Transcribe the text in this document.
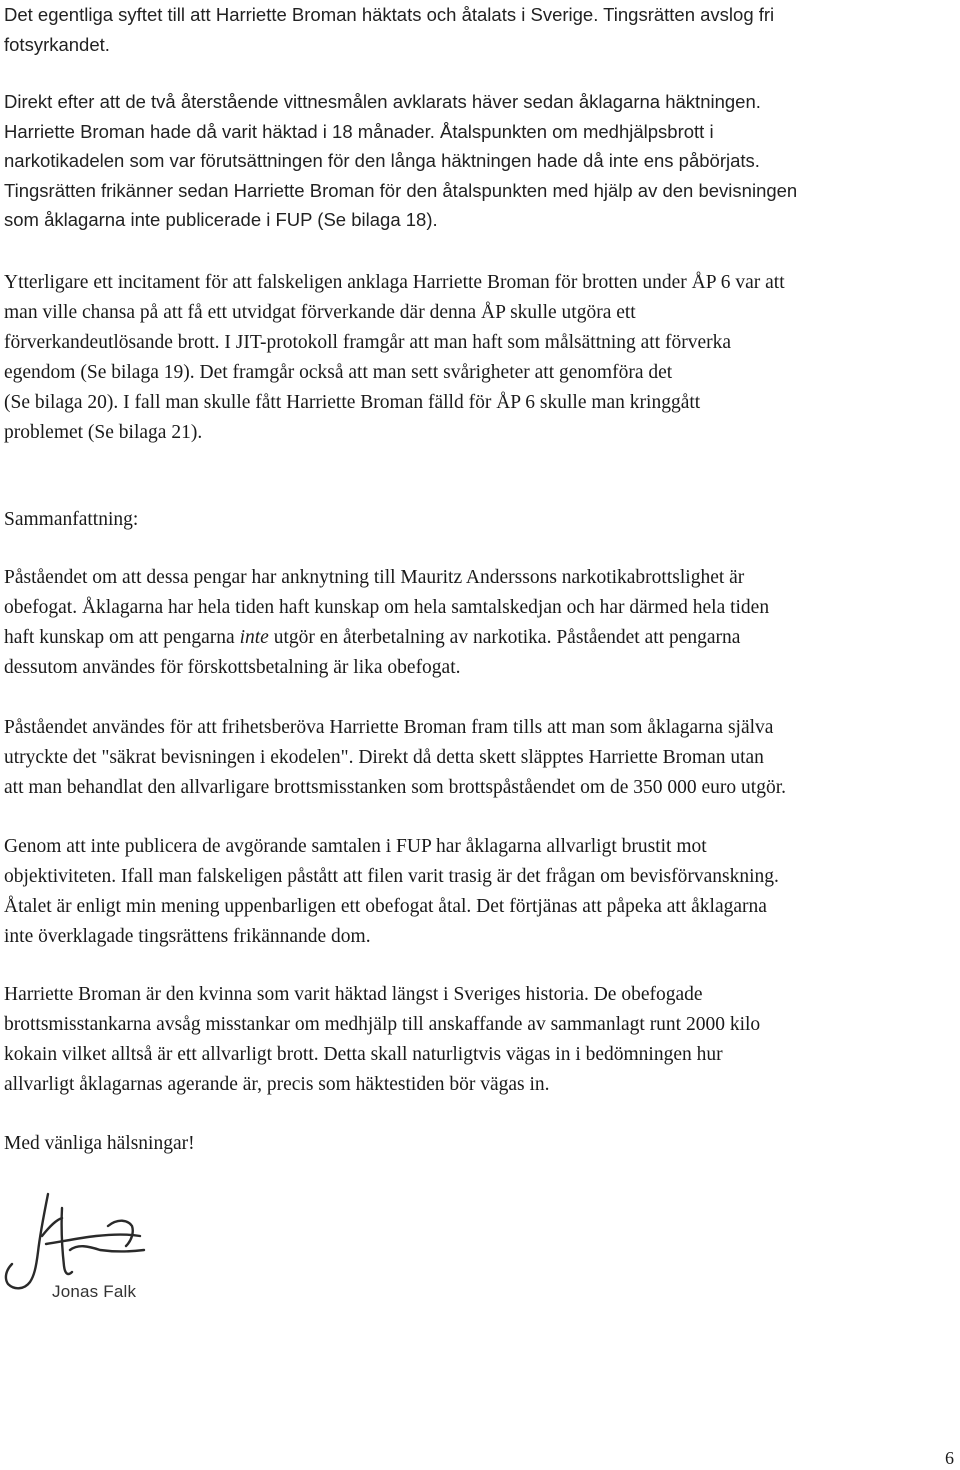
Det egentliga syftet till att Harriette Broman häktats och åtalats i Sverige. Tingsrätten avslog fri
fotsyrkandet.

Direkt efter att de två återstående vittnesmålen avklarats häver sedan åklagarna häktningen.
Harriette Broman hade då varit häktad i 18 månader. Åtalspunkten om medhjälpsbrott i
narkotikadelen som var förutsättningen för den långa häktningen hade då inte ens påbörjats.
Tingsrätten frikänner sedan Harriette Broman för den åtalspunkten med hjälp av den bevisningen
som åklagarna inte publicerade i FUP (Se bilaga 18).

Ytterligare ett incitament för att falskeligen anklaga Harriette Broman för brotten under ÅP 6 var att
man ville chansa på att få ett utvidgat förverkande där denna ÅP skulle utgöra ett
förverkandeutlösande brott. I JIT-protokoll framgår att man haft som målsättning att förverka
egendom (Se bilaga 19). Det framgår också att man sett svårigheter att genomföra det
(Se bilaga 20). I fall man skulle fått Harriette Broman fälld för ÅP 6 skulle man kringgått
problemet (Se bilaga 21).

Sammanfattning:

Påståendet om att dessa pengar har anknytning till Mauritz Anderssons narkotikabrottslighet är
obefogat. Åklagarna har hela tiden haft kunskap om hela samtalskedjan och har därmed hela tiden
haft kunskap om att pengarna inte utgör en återbetalning av narkotika. Påståendet att pengarna
dessutom användes för förskottsbetalning är lika obefogat.

Påståendet användes för att frihetsberöva Harriette Broman fram tills att man som åklagarna själva
utryckte det "säkrat bevisningen i ekodelen". Direkt då detta skett släpptes Harriette Broman utan
att man behandlat den allvarligare brottsmisstanken som brottspåståendet om de 350 000 euro utgör.

Genom att inte publicera de avgörande samtalen i FUP har åklagarna allvarligt brustit mot
objektiviteten. Ifall man falskeligen påstått att filen varit trasig är det frågan om bevisförvanskning.
Åtalet är enligt min mening uppenbarligen ett obefogat åtal. Det förtjänas att påpeka att åklagarna
inte överklagade tingsrättens frikännande dom.

Harriette Broman är den kvinna som varit häktad längst i Sveriges historia. De obefogade
brottsmisstankarna avsåg misstankar om medhjälp till anskaffande av sammanlagt runt 2000 kilo
kokain vilket alltså är ett allvarligt brott. Detta skall naturligtvis vägas in i bedömningen hur
allvarligt åklagarnas agerande är, precis som häktestiden bör vägas in.

Med vänliga hälsningar!

Jonas Falk
6
